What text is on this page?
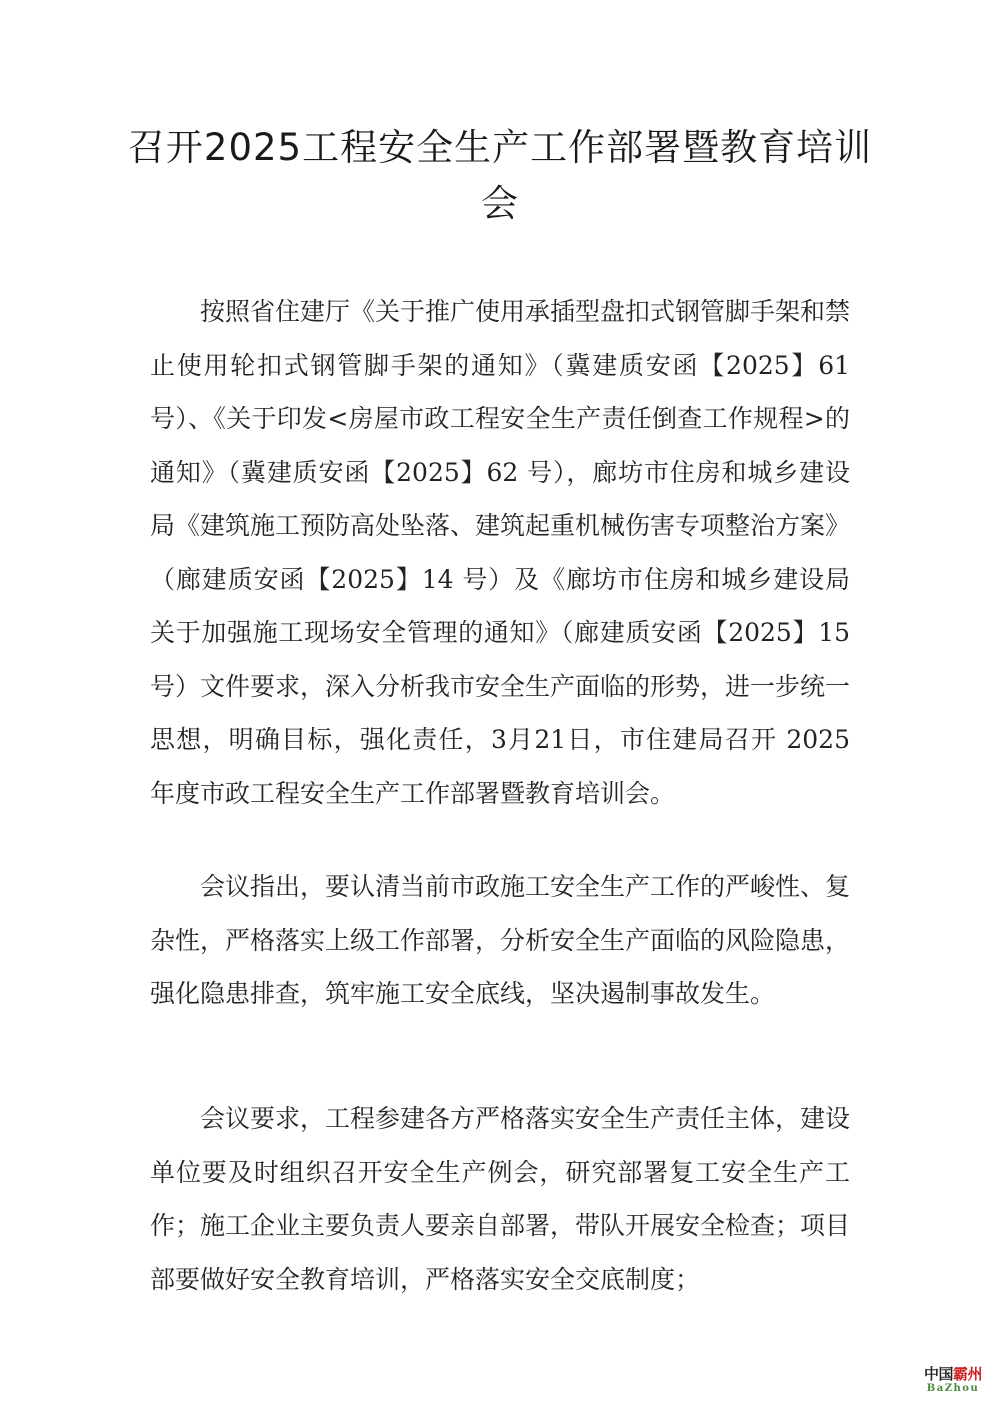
召开2025工程安全生产工作部署暨教育培训会

按照省住建厅《关于推广使用承插型盘扣式钢管脚手架和禁止使用轮扣式钢管脚手架的通知》（冀建质安函【2025】61 号）、《关于印发<房屋市政工程安全生产责任倒查工作规程>的通知》（冀建质安函【2025】62 号），廊坊市住房和城乡建设局《建筑施工预防高处坠落、建筑起重机械伤害专项整治方案》（廊建质安函【2025】14 号）及《廊坊市住房和城乡建设局关于加强施工现场安全管理的通知》（廊建质安函【2025】15号）文件要求，深入分析我市安全生产面临的形势，进一步统一思想，明确目标，强化责任，3月21日，市住建局召开 2025 年度市政工程安全生产工作部署暨教育培训会。

会议指出，要认清当前市政施工安全生产工作的严峻性、复杂性，严格落实上级工作部署，分析安全生产面临的风险隐患，强化隐患排查，筑牢施工安全底线，坚决遏制事故发生。

会议要求，工程参建各方严格落实安全生产责任主体，建设单位要及时组织召开安全生产例会，研究部署复工安全生产工作；施工企业主要负责人要亲自部署，带队开展安全检查；项目部要做好安全教育培训，严格落实安全交底制度；

中国霸州
BaZhou
